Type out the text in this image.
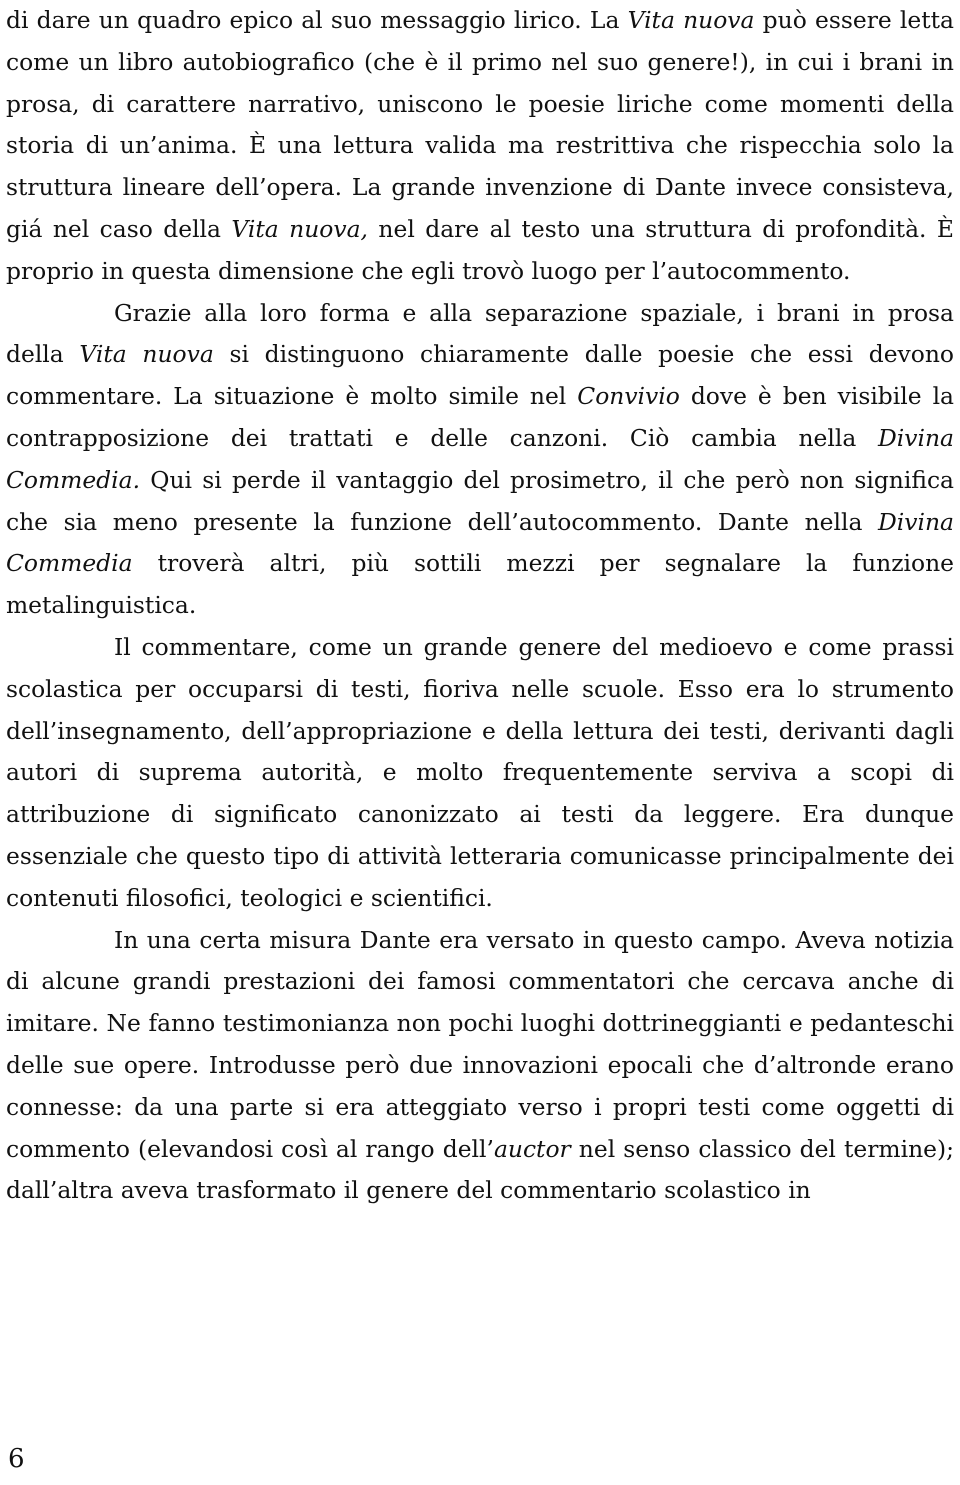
di dare un quadro epico al suo messaggio lirico. La Vita nuova può essere letta come un libro autobiografico (che è il primo nel suo genere!), in cui i brani in prosa, di carattere narrativo, uniscono le poesie liriche come momenti della storia di un’anima. È una lettura valida ma restrittiva che rispecchia solo la struttura lineare dell’opera. La grande invenzione di Dante invece consisteva, giá nel caso della Vita nuova, nel dare al testo una struttura di profondità. È proprio in questa dimensione che egli trovò luogo per l’autocommento.

Grazie alla loro forma e alla separazione spaziale, i brani in prosa della Vita nuova si distinguono chiaramente dalle poesie che essi devono commentare. La situazione è molto simile nel Convivio dove è ben visibile la contrapposizione dei trattati e delle canzoni. Ciò cambia nella Divina Commedia. Qui si perde il vantaggio del prosimetro, il che però non significa che sia meno presente la funzione dell’autocommento. Dante nella Divina Commedia troverà altri, più sottili mezzi per segnalare la funzione metalinguistica.

Il commentare, come un grande genere del medioevo e come prassi scolastica per occuparsi di testi, fioriva nelle scuole. Esso era lo strumento dell’insegnamento, dell’appropriazione e della lettura dei testi, derivanti dagli autori di suprema autorità, e molto frequentemente serviva a scopi di attribuzione di significato canonizzato ai testi da leggere. Era dunque essenziale che questo tipo di attività letteraria comunicasse principalmente dei contenuti filosofici, teologici e scientifici.

In una certa misura Dante era versato in questo campo. Aveva notizia di alcune grandi prestazioni dei famosi commentatori che cercava anche di imitare. Ne fanno testimonianza non pochi luoghi dottrineggianti e pedanteschi delle sue opere. Introdusse però due innovazioni epocali che d’altronde erano connesse: da una parte si era atteggiato verso i propri testi come oggetti di commento (elevandosi così al rango dell’auctor nel senso classico del termine); dall’altra aveva trasformato il genere del commentario scolastico in

6
